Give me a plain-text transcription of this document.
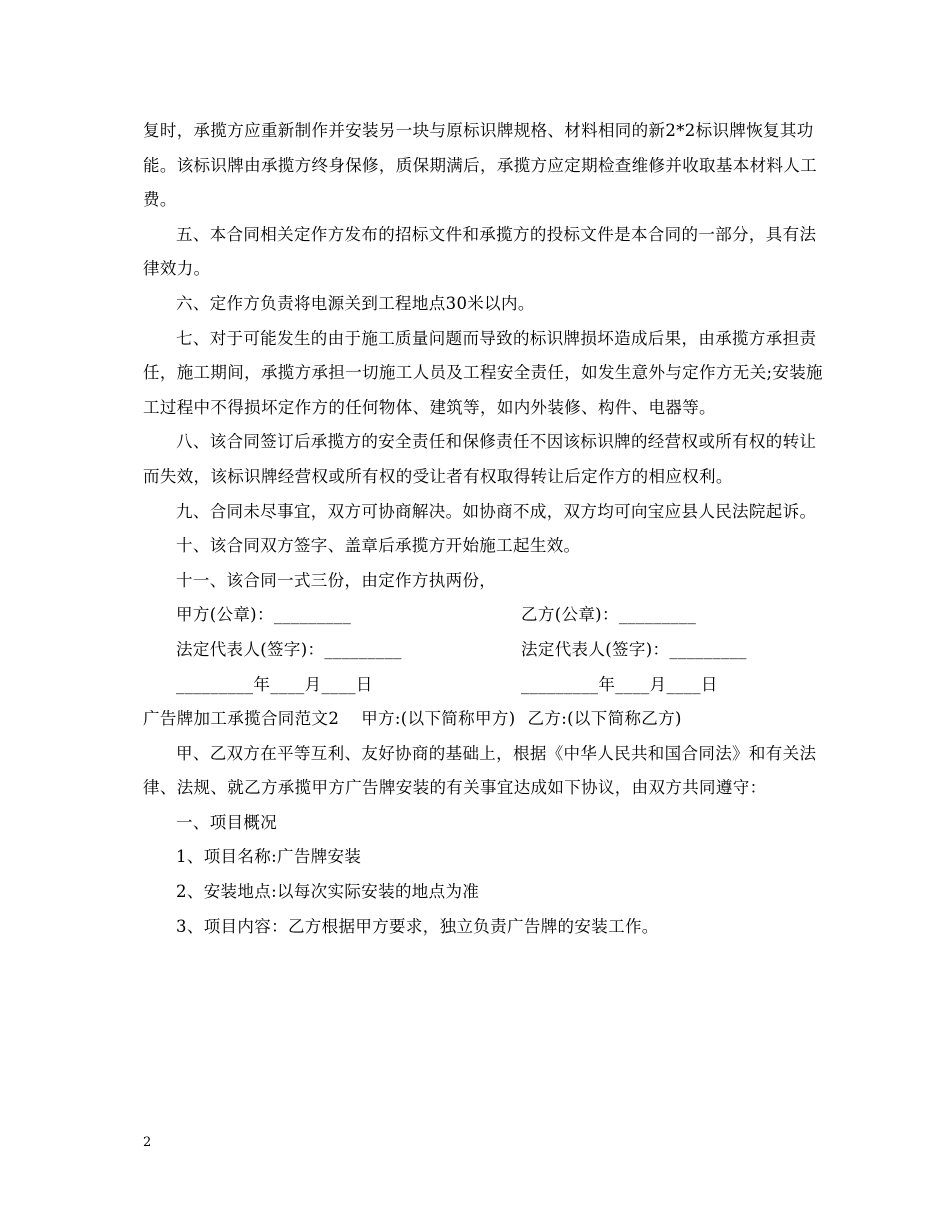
复时，承揽方应重新制作并安装另一块与原标识牌规格、材料相同的新2*2标识牌恢复其功能。该标识牌由承揽方终身保修，质保期满后，承揽方应定期检查维修并收取基本材料人工费。

五、本合同相关定作方发布的招标文件和承揽方的投标文件是本合同的一部分，具有法律效力。

六、定作方负责将电源关到工程地点30米以内。

七、对于可能发生的由于施工质量问题而导致的标识牌损坏造成后果，由承揽方承担责任，施工期间，承揽方承担一切施工人员及工程安全责任，如发生意外与定作方无关;安装施工过程中不得损坏定作方的任何物体、建筑等，如内外装修、构件、电器等。

八、该合同签订后承揽方的安全责任和保修责任不因该标识牌的经营权或所有权的转让而失效，该标识牌经营权或所有权的受让者有权取得转让后定作方的相应权利。

九、合同未尽事宜，双方可协商解决。如协商不成，双方均可向宝应县人民法院起诉。

十、该合同双方签字、盖章后承揽方开始施工起生效。

十一、该合同一式三份，由定作方执两份，

甲方(公章)：_________	乙方(公章)：_________
法定代表人(签字)：_________	法定代表人(签字)：_________
_________年____月____日	_________年____月____日
广告牌加工承揽合同范文2 甲方:(以下简称甲方) 乙方:(以下简称乙方)

甲、乙双方在平等互利、友好协商的基础上，根据《中华人民共和国合同法》和有关法律、法规、就乙方承揽甲方广告牌安装的有关事宜达成如下协议，由双方共同遵守：

一、项目概况

1、项目名称:广告牌安装

2、安装地点:以每次实际安装的地点为准

3、项目内容：乙方根据甲方要求，独立负责广告牌的安装工作。

2
